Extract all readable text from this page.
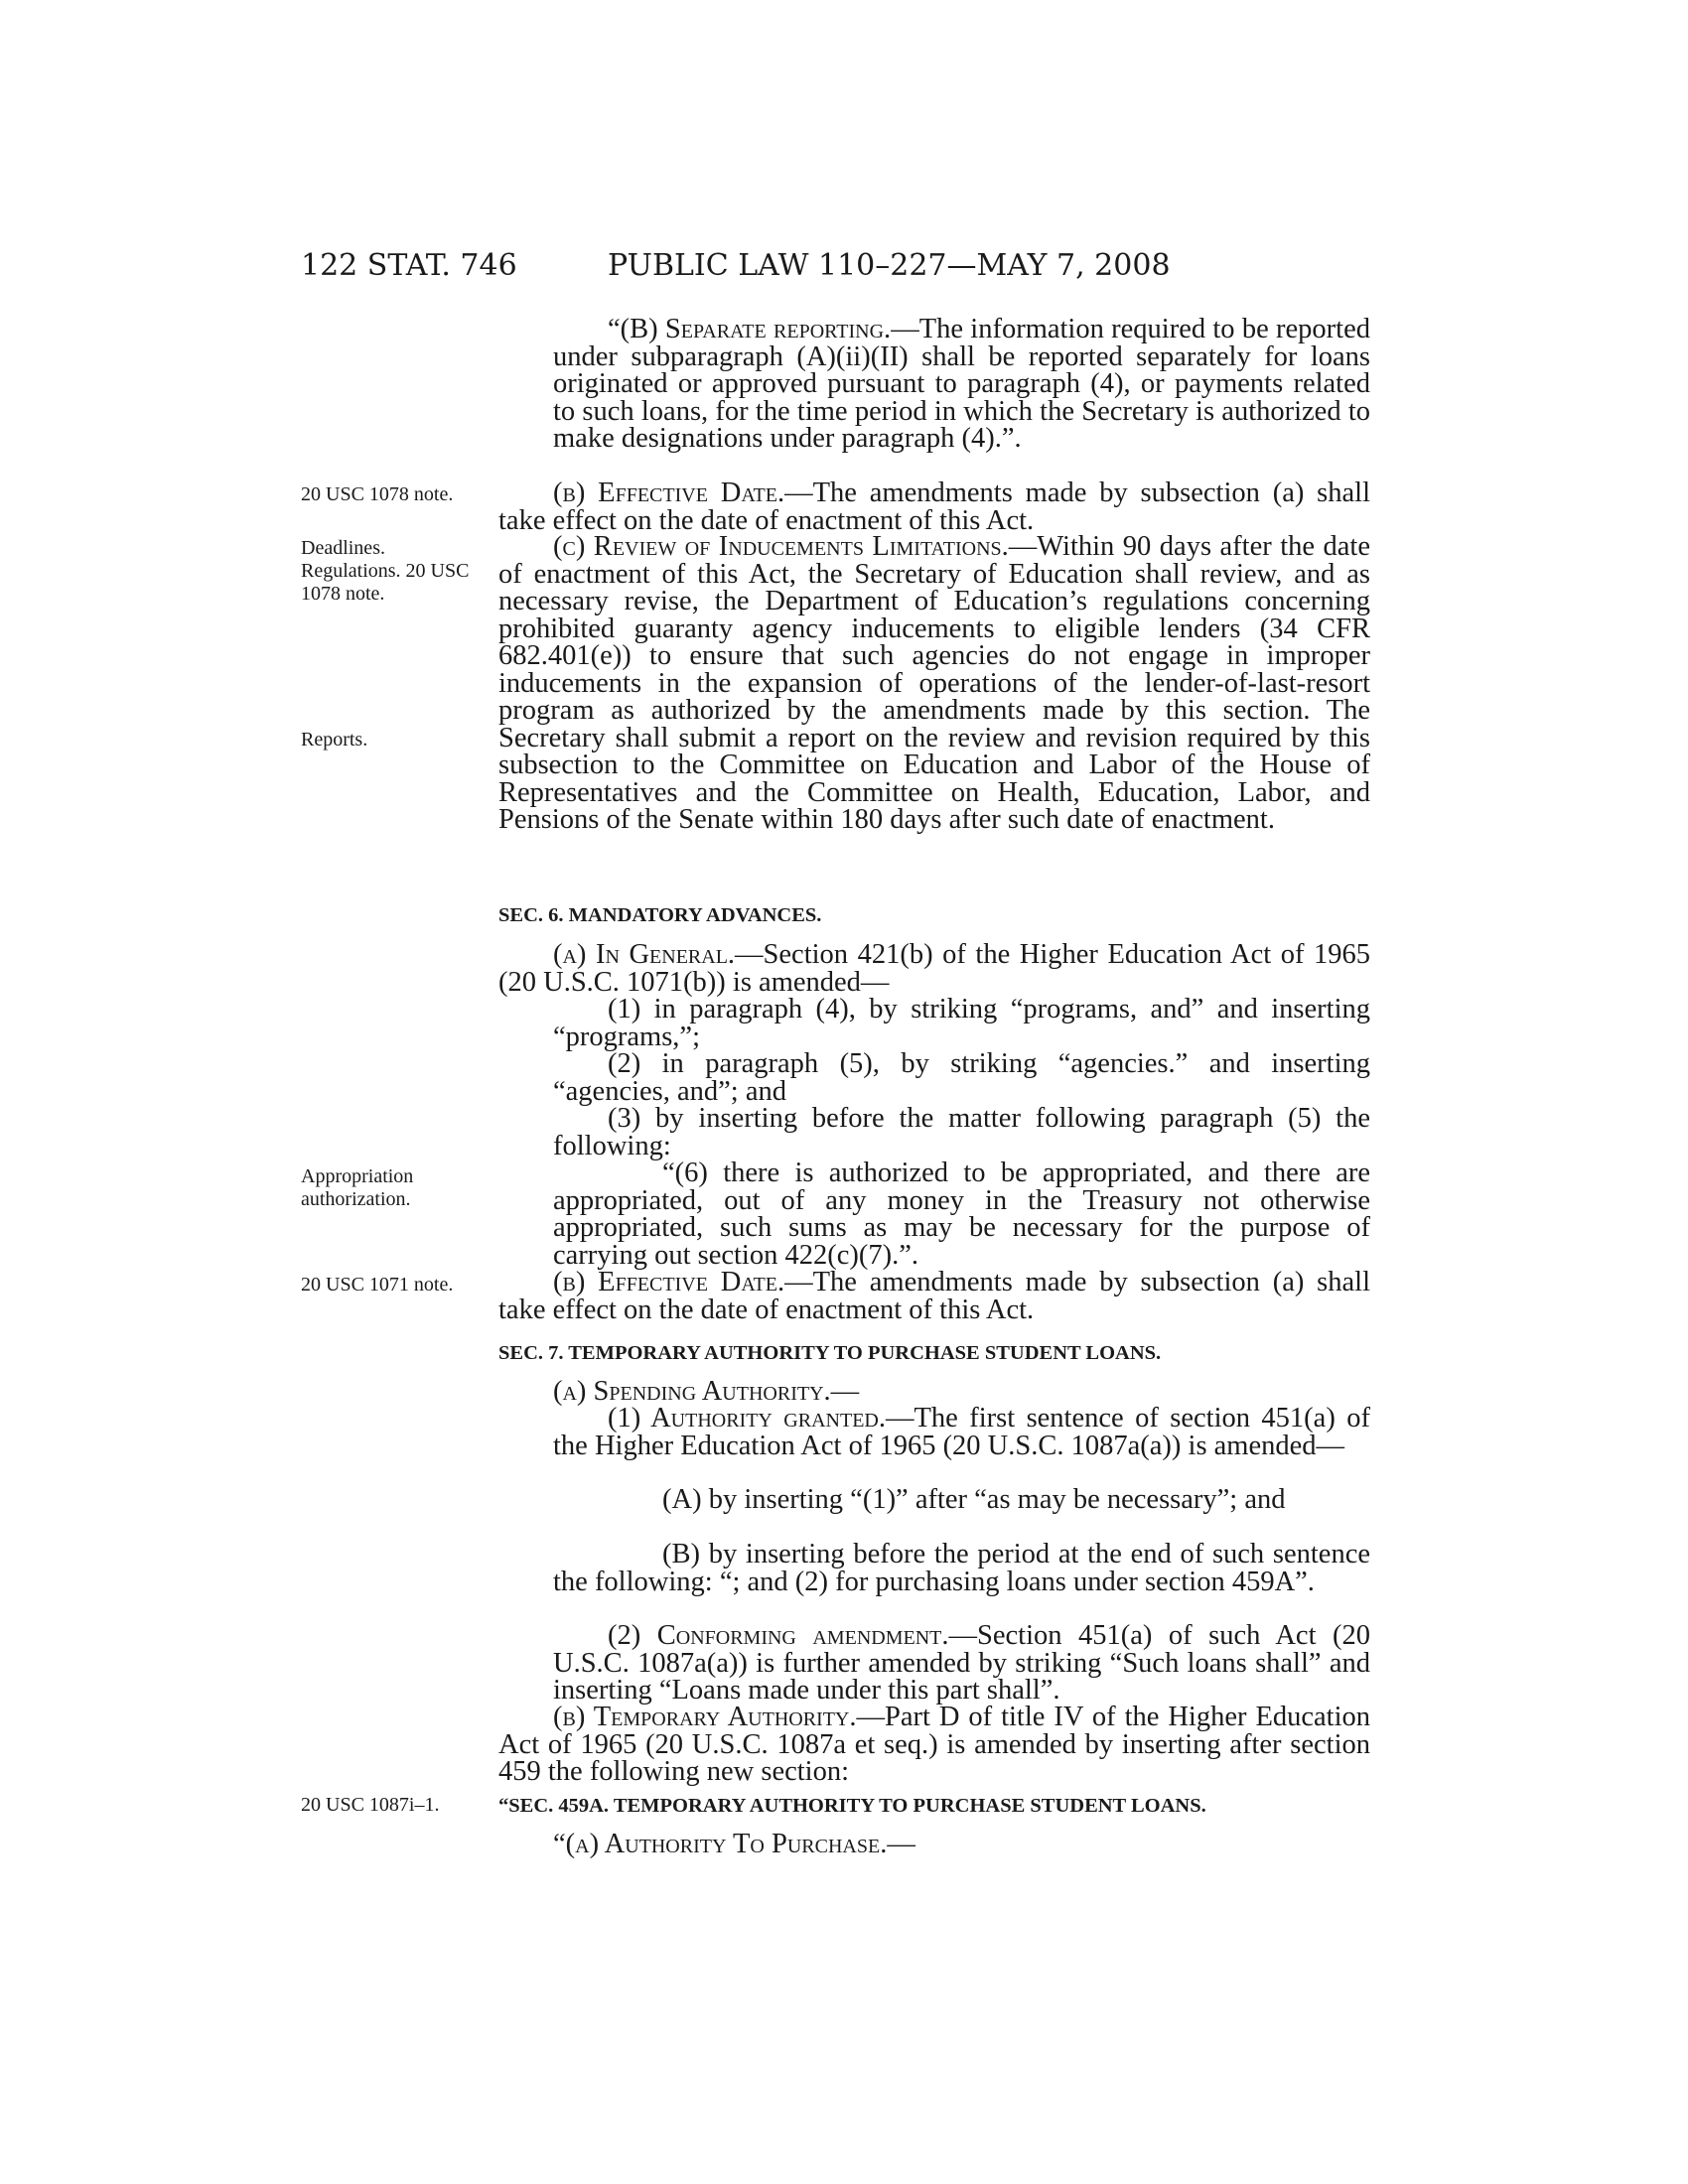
122 STAT. 746	PUBLIC LAW 110–227—MAY 7, 2008
20 USC 1078 note.
Deadlines. Regulations. 20 USC 1078 note.
Reports.
Appropriation authorization.
20 USC 1071 note.
20 USC 1087i–1.

“(B) Separate reporting.—The information required to be reported under subparagraph (A)(ii)(II) shall be reported separately for loans originated or approved pursuant to paragraph (4), or payments related to such loans, for the time period in which the Secretary is authorized to make designations under paragraph (4).”.

(b) Effective Date.—The amendments made by subsection (a) shall take effect on the date of enactment of this Act.

(c) Review of Inducements Limitations.—Within 90 days after the date of enactment of this Act, the Secretary of Education shall review, and as necessary revise, the Department of Education’s regulations concerning prohibited guaranty agency inducements to eligible lenders (34 CFR 682.401(e)) to ensure that such agencies do not engage in improper inducements in the expansion of operations of the lender-of-last-resort program as authorized by the amendments made by this section. The Secretary shall submit a report on the review and revision required by this subsection to the Committee on Education and Labor of the House of Representatives and the Committee on Health, Education, Labor, and Pensions of the Senate within 180 days after such date of enactment.

SEC. 6. MANDATORY ADVANCES.

(a) In General.—Section 421(b) of the Higher Education Act of 1965 (20 U.S.C. 1071(b)) is amended—

(1) in paragraph (4), by striking “programs, and” and inserting “programs,”;

(2) in paragraph (5), by striking “agencies.” and inserting “agencies, and”; and

(3) by inserting before the matter following paragraph (5) the following:

“(6) there is authorized to be appropriated, and there are appropriated, out of any money in the Treasury not otherwise appropriated, such sums as may be necessary for the purpose of carrying out section 422(c)(7).”.

(b) Effective Date.—The amendments made by subsection (a) shall take effect on the date of enactment of this Act.

SEC. 7. TEMPORARY AUTHORITY TO PURCHASE STUDENT LOANS.

(a) Spending Authority.—

(1) Authority granted.—The first sentence of section 451(a) of the Higher Education Act of 1965 (20 U.S.C. 1087a(a)) is amended—

(A) by inserting “(1)” after “as may be necessary”; and

(B) by inserting before the period at the end of such sentence the following: “; and (2) for purchasing loans under section 459A”.

(2) Conforming amendment.—Section 451(a) of such Act (20 U.S.C. 1087a(a)) is further amended by striking “Such loans shall” and inserting “Loans made under this part shall”.

(b) Temporary Authority.—Part D of title IV of the Higher Education Act of 1965 (20 U.S.C. 1087a et seq.) is amended by inserting after section 459 the following new section:

“SEC. 459A. TEMPORARY AUTHORITY TO PURCHASE STUDENT LOANS.

“(a) Authority To Purchase.—
